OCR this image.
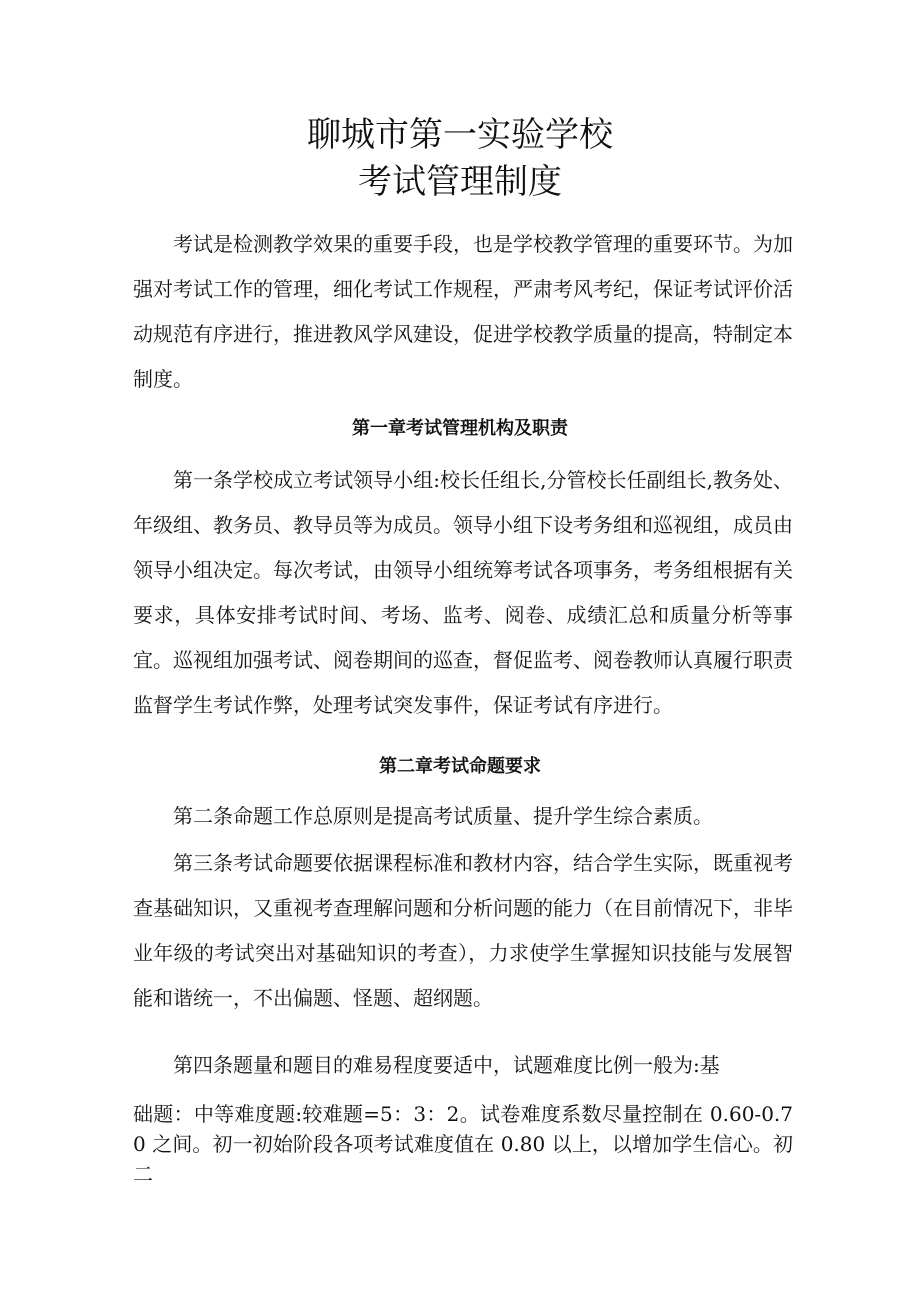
聊城市第一实验学校
考试管理制度

考试是检测教学效果的重要手段，也是学校教学管理的重要环节。为加强对考试工作的管理，细化考试工作规程，严肃考风考纪，保证考试评价活动规范有序进行，推进教风学风建设，促进学校教学质量的提高，特制定本制度。

第一章考试管理机构及职责

第一条学校成立考试领导小组:校长任组长,分管校长任副组长,教务处、年级组、教务员、教导员等为成员。领导小组下设考务组和巡视组，成员由领导小组决定。每次考试，由领导小组统筹考试各项事务，考务组根据有关要求，具体安排考试时间、考场、监考、阅卷、成绩汇总和质量分析等事宜。巡视组加强考试、阅卷期间的巡查，督促监考、阅卷教师认真履行职责监督学生考试作弊，处理考试突发事件，保证考试有序进行。

第二章考试命题要求

第二条命题工作总原则是提高考试质量、提升学生综合素质。

第三条考试命题要依据课程标准和教材内容，结合学生实际，既重视考查基础知识，又重视考查理解问题和分析问题的能力（在目前情况下，非毕业年级的考试突出对基础知识的考查），力求使学生掌握知识技能与发展智能和谐统一，不出偏题、怪题、超纲题。

第四条题量和题目的难易程度要适中，试题难度比例一般为:基

础题：中等难度题:较难题=5：3：2。试卷难度系数尽量控制在 0.60-0.70 之间。初一初始阶段各项考试难度值在 0.80 以上，以增加学生信心。初二
